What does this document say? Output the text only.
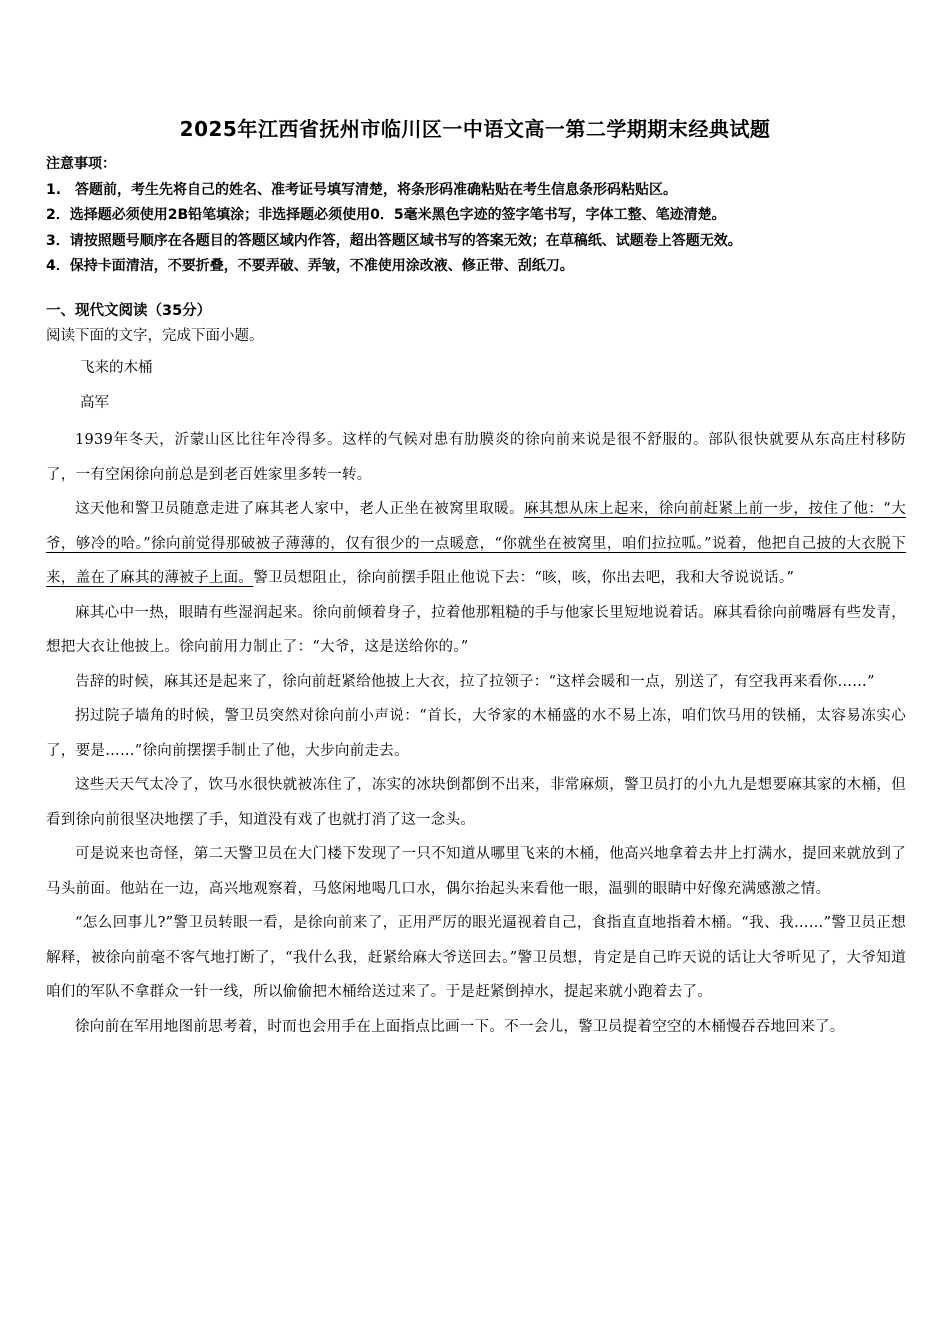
2025年江西省抚州市临川区一中语文高一第二学期期末经典试题
注意事项：
1.　答题前，考生先将自己的姓名、准考证号填写清楚，将条形码准确粘贴在考生信息条形码粘贴区。
2．选择题必须使用2B铅笔填涂；非选择题必须使用0．5毫米黑色字迹的签字笔书写，字体工整、笔迹清楚。
3．请按照题号顺序在各题目的答题区域内作答，超出答题区域书写的答案无效；在草稿纸、试题卷上答题无效。
4．保持卡面清洁，不要折叠，不要弄破、弄皱，不准使用涂改液、修正带、刮纸刀。
一、现代文阅读（35分）
阅读下面的文字，完成下面小题。
飞来的木桶
高军

1939年冬天，沂蒙山区比往年冷得多。这样的气候对患有肋膜炎的徐向前来说是很不舒服的。部队很快就要从东高庄村移防了，一有空闲徐向前总是到老百姓家里多转一转。

这天他和警卫员随意走进了麻其老人家中，老人正坐在被窝里取暖。麻其想从床上起来，徐向前赶紧上前一步，按住了他：“大爷，够冷的哈。”徐向前觉得那破被子薄薄的，仅有很少的一点暖意，“你就坐在被窝里，咱们拉拉呱。”说着，他把自己披的大衣脱下来，盖在了麻其的薄被子上面。警卫员想阻止，徐向前摆手阻止他说下去：“咳，咳，你出去吧，我和大爷说说话。”

麻其心中一热，眼睛有些湿润起来。徐向前倾着身子，拉着他那粗糙的手与他家长里短地说着话。麻其看徐向前嘴唇有些发青，想把大衣让他披上。徐向前用力制止了：“大爷，这是送给你的。”

告辞的时候，麻其还是起来了，徐向前赶紧给他披上大衣，拉了拉领子：“这样会暖和一点，别送了，有空我再来看你……”

拐过院子墙角的时候，警卫员突然对徐向前小声说：“首长，大爷家的木桶盛的水不易上冻，咱们饮马用的铁桶，太容易冻实心了，要是……”徐向前摆摆手制止了他，大步向前走去。

这些天天气太冷了，饮马水很快就被冻住了，冻实的冰块倒都倒不出来，非常麻烦，警卫员打的小九九是想要麻其家的木桶，但看到徐向前很坚决地摆了手，知道没有戏了也就打消了这一念头。

可是说来也奇怪，第二天警卫员在大门楼下发现了一只不知道从哪里飞来的木桶，他高兴地拿着去井上打满水，提回来就放到了马头前面。他站在一边，高兴地观察着，马悠闲地喝几口水，偶尔抬起头来看他一眼，温驯的眼睛中好像充满感激之情。

“怎么回事儿?”警卫员转眼一看，是徐向前来了，正用严厉的眼光逼视着自己，食指直直地指着木桶。“我、我……”警卫员正想解释，被徐向前毫不客气地打断了，“我什么我，赶紧给麻大爷送回去。”警卫员想，肯定是自己昨天说的话让大爷听见了，大爷知道咱们的军队不拿群众一针一线，所以偷偷把木桶给送过来了。于是赶紧倒掉水，提起来就小跑着去了。

徐向前在军用地图前思考着，时而也会用手在上面指点比画一下。不一会儿，警卫员提着空空的木桶慢吞吞地回来了。
